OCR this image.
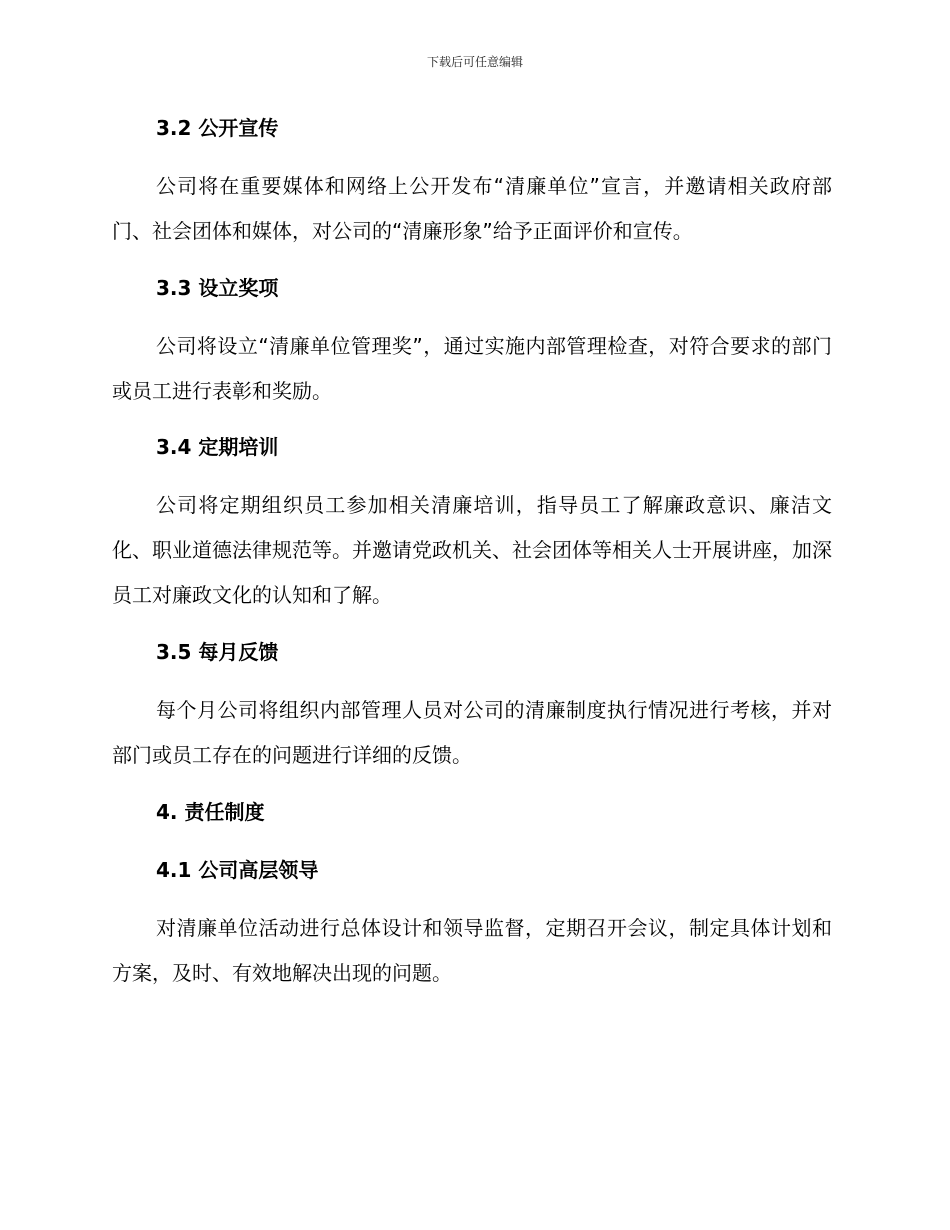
下载后可任意编辑
3.2 公开宣传
公司将在重要媒体和网络上公开发布“清廉单位”宣言，并邀请相关政府部门、社会团体和媒体，对公司的“清廉形象”给予正面评价和宣传。
3.3 设立奖项
公司将设立“清廉单位管理奖”，通过实施内部管理检查，对符合要求的部门或员工进行表彰和奖励。
3.4 定期培训
公司将定期组织员工参加相关清廉培训，指导员工了解廉政意识、廉洁文化、职业道德法律规范等。并邀请党政机关、社会团体等相关人士开展讲座，加深员工对廉政文化的认知和了解。
3.5 每月反馈
每个月公司将组织内部管理人员对公司的清廉制度执行情况进行考核，并对部门或员工存在的问题进行详细的反馈。
4. 责任制度
4.1 公司高层领导
对清廉单位活动进行总体设计和领导监督，定期召开会议，制定具体计划和方案，及时、有效地解决出现的问题。
